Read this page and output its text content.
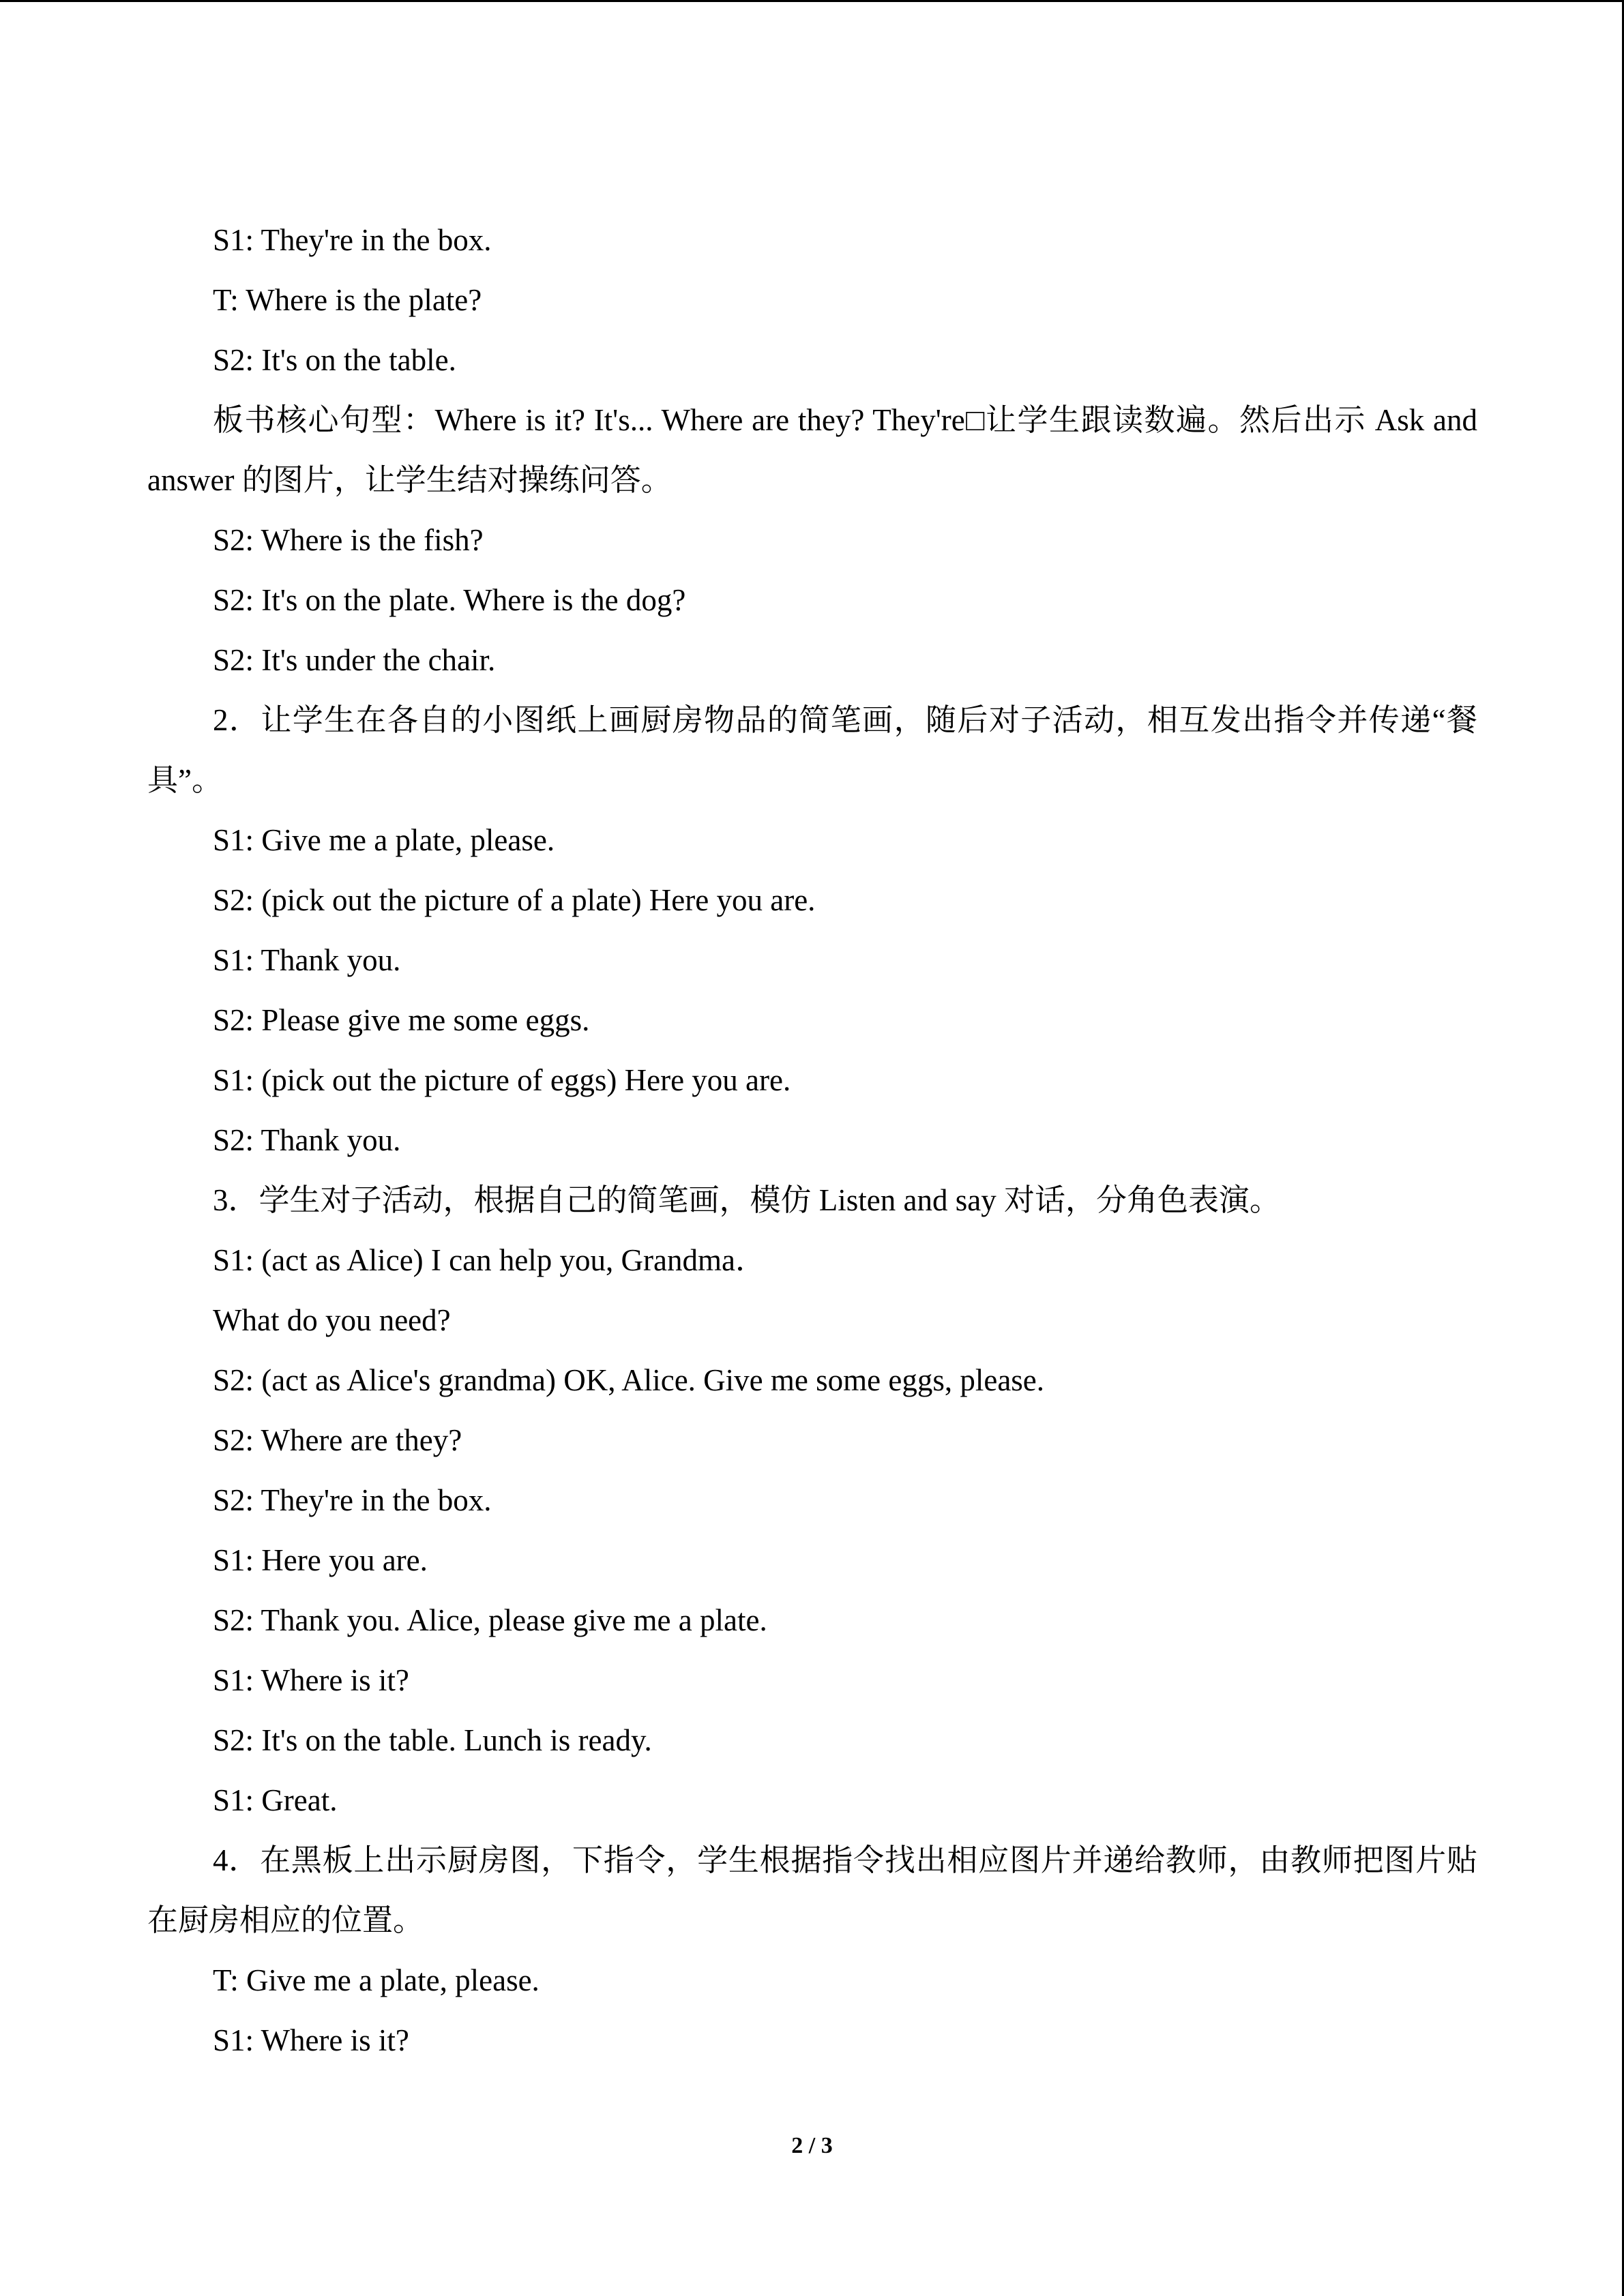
S1: They're in the box.

T: Where is the plate?

S2: It's on the table.

板书核心句型：Where is it? It's... Where are they? They're□让学生跟读数遍。然后出示 Ask and answer 的图片，让学生结对操练问答。

S2: Where is the fish?

S2: It's on the plate. Where is the dog?

S2: It's under the chair.

2．让学生在各自的小图纸上画厨房物品的简笔画，随后对子活动，相互发出指令并传递“餐具”。

S1: Give me a plate, please.

S2: (pick out the picture of a plate) Here you are.

S1: Thank you.

S2: Please give me some eggs.

S1: (pick out the picture of eggs) Here you are.

S2: Thank you.

3．学生对子活动，根据自己的简笔画，模仿 Listen and say 对话，分角色表演。

S1: (act as Alice) I can help you, Grandma．

What do you need?

S2: (act as Alice's grandma) OK, Alice. Give me some eggs, please.

S2: Where are they?

S2: They're in the box.

S1: Here you are.

S2: Thank you. Alice, please give me a plate.

S1: Where is it?

S2: It's on the table. Lunch is ready.

S1: Great.

4．在黑板上出示厨房图，下指令，学生根据指令找出相应图片并递给教师，由教师把图片贴在厨房相应的位置。

T: Give me a plate, please.

S1: Where is it?

2 / 3
